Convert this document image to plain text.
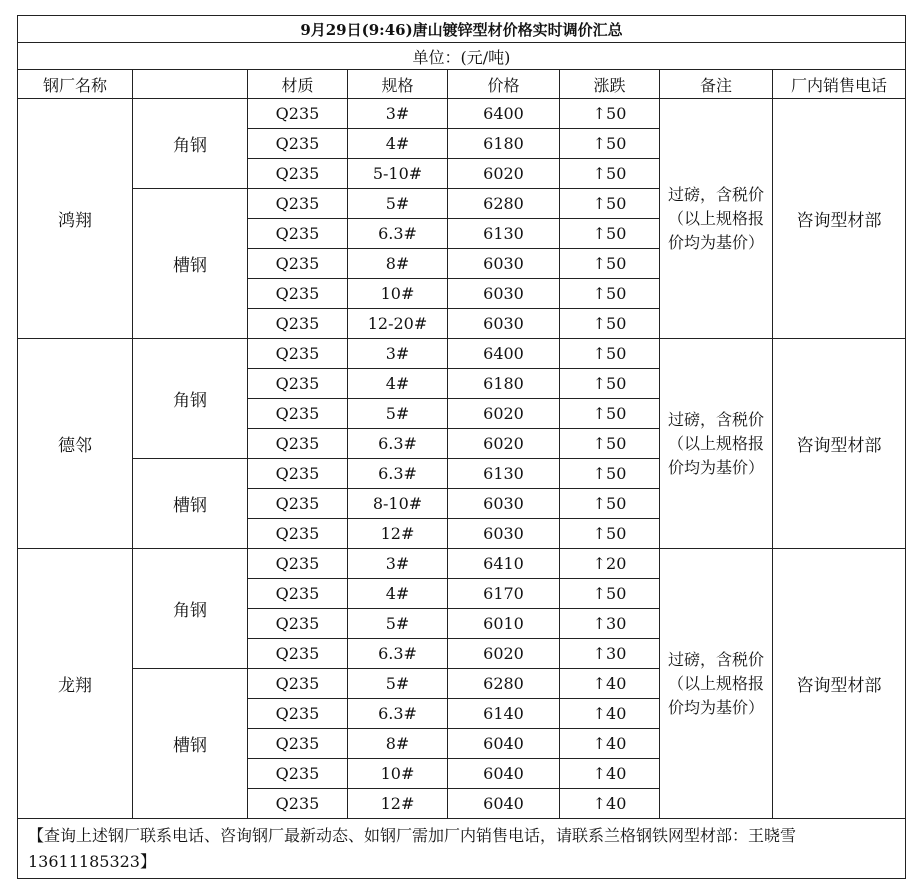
9月29日(9:46)唐山镀锌型材价格实时调价汇总							
单位：(元/吨)							
钢厂名称		材质	规格	价格	涨跌	备注	厂内销售电话
鸿翔	角钢	Q235	3#	6400	↑50	过磅，含税价（以上规格报价均为基价）	咨询型材部
		Q235	4#	6180	↑50
		Q235	5-10#	6020	↑50
	槽钢	Q235	5#	6280	↑50
		Q235	6.3#	6130	↑50
		Q235	8#	6030	↑50
		Q235	10#	6030	↑50
		Q235	12-20#	6030	↑50
德邻	角钢	Q235	3#	6400	↑50	过磅，含税价（以上规格报价均为基价）	咨询型材部
		Q235	4#	6180	↑50
		Q235	5#	6020	↑50
		Q235	6.3#	6020	↑50
	槽钢	Q235	6.3#	6130	↑50
		Q235	8-10#	6030	↑50
		Q235	12#	6030	↑50
龙翔	角钢	Q235	3#	6410	↑20	过磅，含税价（以上规格报价均为基价）	咨询型材部
		Q235	4#	6170	↑50
		Q235	5#	6010	↑30
		Q235	6.3#	6020	↑30
	槽钢	Q235	5#	6280	↑40
		Q235	6.3#	6140	↑40
		Q235	8#	6040	↑40
		Q235	10#	6040	↑40
		Q235	12#	6040	↑40
【查询上述钢厂联系电话、咨询钢厂最新动态、如钢厂需加厂内销售电话，请联系兰格钢铁网型材部：王晓雪13611185323】							
